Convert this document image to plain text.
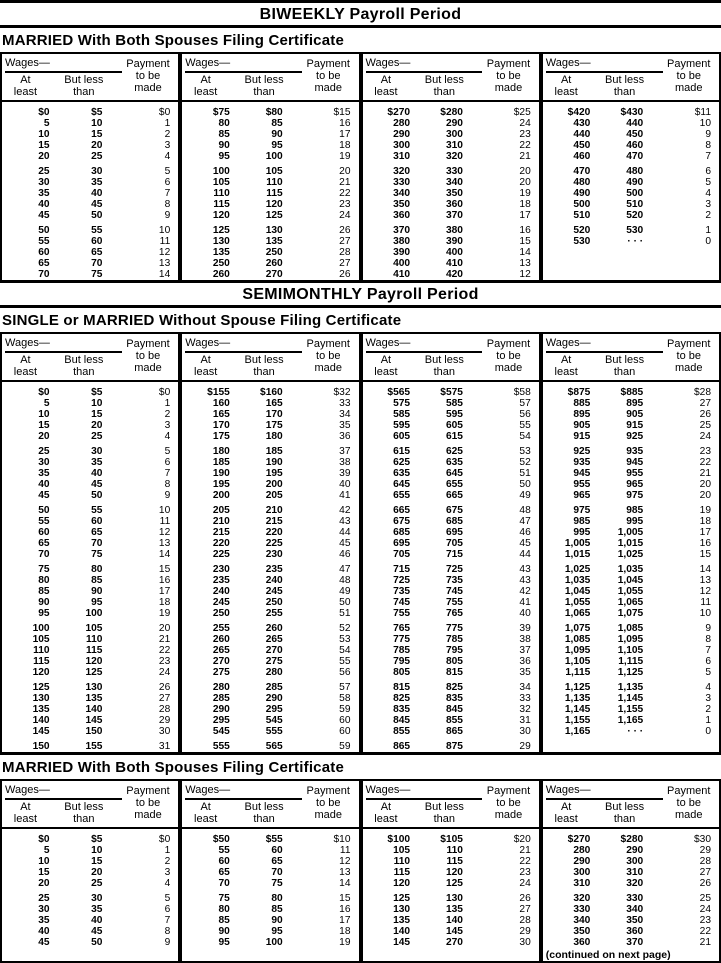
BIWEEKLY Payroll Period
MARRIED With Both Spouses Filing Certificate
Wages—
At
least
But less
than
Payment
to be
made
$0	$5	$0
5	10	1
10	15	2
15	20	3
20	25	4
25	30	5
30	35	6
35	40	7
40	45	8
45	50	9
50	55	10
55	60	11
60	65	12
65	70	13
70	75	14
Wages—
At
least
But less
than
Payment
to be
made
$75	$80	$15
80	85	16
85	90	17
90	95	18
95	100	19
100	105	20
105	110	21
110	115	22
115	120	23
120	125	24
125	130	26
130	135	27
135	250	28
250	260	27
260	270	26
Wages—
At
least
But less
than
Payment
to be
made
$270	$280	$25
280	290	24
290	300	23
300	310	22
310	320	21
320	330	20
330	340	20
340	350	19
350	360	18
360	370	17
370	380	16
380	390	15
390	400	14
400	410	13
410	420	12
Wages—
At
least
But less
than
Payment
to be
made
$420	$430	$11
430	440	10
440	450	9
450	460	8
460	470	7
470	480	6
480	490	5
490	500	4
500	510	3
510	520	2
520	530	1
530	· · ·	0
SEMIMONTHLY Payroll Period
SINGLE or MARRIED Without Spouse Filing Certificate
Wages—
At
least
But less
than
Payment
to be
made
$0	$5	$0
5	10	1
10	15	2
15	20	3
20	25	4
25	30	5
30	35	6
35	40	7
40	45	8
45	50	9
50	55	10
55	60	11
60	65	12
65	70	13
70	75	14
75	80	15
80	85	16
85	90	17
90	95	18
95	100	19
100	105	20
105	110	21
110	115	22
115	120	23
120	125	24
125	130	26
130	135	27
135	140	28
140	145	29
145	150	30
150	155	31
Wages—
At
least
But less
than
Payment
to be
made
$155	$160	$32
160	165	33
165	170	34
170	175	35
175	180	36
180	185	37
185	190	38
190	195	39
195	200	40
200	205	41
205	210	42
210	215	43
215	220	44
220	225	45
225	230	46
230	235	47
235	240	48
240	245	49
245	250	50
250	255	51
255	260	52
260	265	53
265	270	54
270	275	55
275	280	56
280	285	57
285	290	58
290	295	59
295	545	60
545	555	60
555	565	59
Wages—
At
least
But less
than
Payment
to be
made
$565	$575	$58
575	585	57
585	595	56
595	605	55
605	615	54
615	625	53
625	635	52
635	645	51
645	655	50
655	665	49
665	675	48
675	685	47
685	695	46
695	705	45
705	715	44
715	725	43
725	735	43
735	745	42
745	755	41
755	765	40
765	775	39
775	785	38
785	795	37
795	805	36
805	815	35
815	825	34
825	835	33
835	845	32
845	855	31
855	865	30
865	875	29
Wages—
At
least
But less
than
Payment
to be
made
$875	$885	$28
885	895	27
895	905	26
905	915	25
915	925	24
925	935	23
935	945	22
945	955	21
955	965	20
965	975	20
975	985	19
985	995	18
995	1,005	17
1,005	1,015	16
1,015	1,025	15
1,025	1,035	14
1,035	1,045	13
1,045	1,055	12
1,055	1,065	11
1,065	1,075	10
1,075	1,085	9
1,085	1,095	8
1,095	1,105	7
1,105	1,115	6
1,115	1,125	5
1,125	1,135	4
1,135	1,145	3
1,145	1,155	2
1,155	1,165	1
1,165	· · ·	0
MARRIED With Both Spouses Filing Certificate
Wages—
At
least
But less
than
Payment
to be
made
$0	$5	$0
5	10	1
10	15	2
15	20	3
20	25	4
25	30	5
30	35	6
35	40	7
40	45	8
45	50	9
Wages—
At
least
But less
than
Payment
to be
made
$50	$55	$10
55	60	11
60	65	12
65	70	13
70	75	14
75	80	15
80	85	16
85	90	17
90	95	18
95	100	19
Wages—
At
least
But less
than
Payment
to be
made
$100	$105	$20
105	110	21
110	115	22
115	120	23
120	125	24
125	130	26
130	135	27
135	140	28
140	145	29
145	270	30
Wages—
At
least
But less
than
Payment
to be
made
$270	$280	$30
280	290	29
290	300	28
300	310	27
310	320	26
320	330	25
330	340	24
340	350	23
350	360	22
360	370	21
(continued on next page)
